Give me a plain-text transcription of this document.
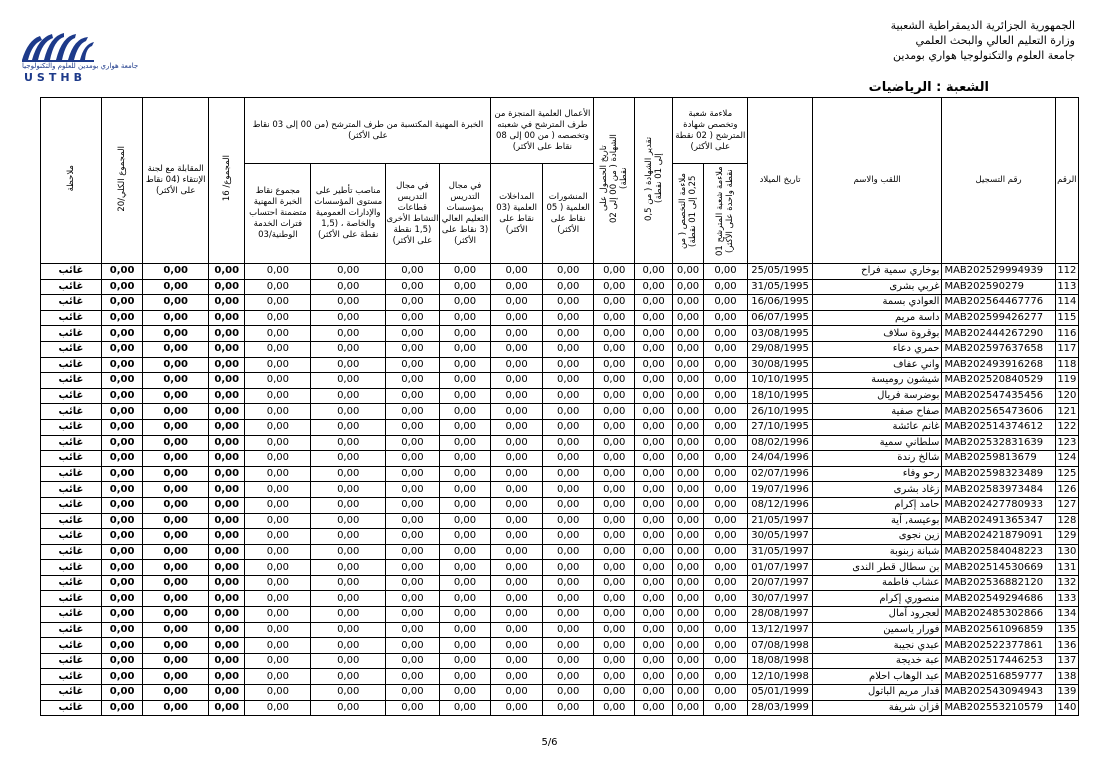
الجمهورية الجزائرية الديمقراطية الشعبية
وزارة التعليم العالي والبحث العلمي
جامعة العلوم والتكنولوجيا هواري بومدين
جامعة هواري بومدين للعلوم والتكنولوجيا
USTHB
الشعبة : الرياضيات
الرقم	رقم التسجيل	اللقب والاسم	تاريخ الميلاد	ملاءمة شعبة وتخصص شهادة المترشح ( 02 نقطة على الأكثر)		تقدير الشهادة ( من 0,5 إلى 01 نقطة)	تاريخ الحصول على الشهادة ( من 00 إلى 02 نقطة)	الأعمال العلمية المنجزة من طرف المترشح في شعبته وتخصصه ( من 00 إلى 08 نقاط على الأكثر)		الخبرة المهنية المكتسبة من طرف المترشح (من 00 إلى 03 نقاط على الأكثر)				المجموع/ 16	المقابلة مع لجنة الإنتقاء (04 نقاط على الأكثر)	المجموع الكلي/20	ملاحظة
				ملاءمة شعبة المترشح 01 نقطة واحدة على الأكثر)	ملاءمة التخصص ( من 0,25 إلى 01 نقطة)			المنشورات العلمية ( 05 نقاط على الأكثر)	المداخلات العلمية (03 نقاط على الأكثر)	في مجال التدريس بمؤسسات التعليم العالي (3 نقاط على الأكثر)	في مجال التدريس قطاعات النشاط الأخرى (1,5 نقطة على الأكثر)	مناصب تأطير على مستوى المؤسسات والإدارات العمومية والخاصة ، (1,5 نقطة على الأكثر)	مجموع نقاط الخبرة المهنية متضمنة احتساب فترات الخدمة الوطنية/03				
112	MAB202529994939	بوخاري سمية فراح	25/05/1995	0,00	0,00	0,00	0,00	0,00	0,00	0,00	0,00	0,00	0,00	0,00	0,00	0,00	غائب
113	MAB202590279	غربي بشرى	31/05/1995	0,00	0,00	0,00	0,00	0,00	0,00	0,00	0,00	0,00	0,00	0,00	0,00	0,00	غائب
114	MAB202564467776	العوادي بسمة	16/06/1995	0,00	0,00	0,00	0,00	0,00	0,00	0,00	0,00	0,00	0,00	0,00	0,00	0,00	غائب
115	MAB202599426277	داسة مريم	06/07/1995	0,00	0,00	0,00	0,00	0,00	0,00	0,00	0,00	0,00	0,00	0,00	0,00	0,00	غائب
116	MAB202444267290	بوقروة سلاف	03/08/1995	0,00	0,00	0,00	0,00	0,00	0,00	0,00	0,00	0,00	0,00	0,00	0,00	0,00	غائب
117	MAB202597637658	حمري دعاء	29/08/1995	0,00	0,00	0,00	0,00	0,00	0,00	0,00	0,00	0,00	0,00	0,00	0,00	0,00	غائب
118	MAB202493916268	واني عفاف	30/08/1995	0,00	0,00	0,00	0,00	0,00	0,00	0,00	0,00	0,00	0,00	0,00	0,00	0,00	غائب
119	MAB202520840529	شيشون روميسة	10/10/1995	0,00	0,00	0,00	0,00	0,00	0,00	0,00	0,00	0,00	0,00	0,00	0,00	0,00	غائب
120	MAB202547435456	بوضرسة فريال	18/10/1995	0,00	0,00	0,00	0,00	0,00	0,00	0,00	0,00	0,00	0,00	0,00	0,00	0,00	غائب
121	MAB202565473606	صفاح صفية	26/10/1995	0,00	0,00	0,00	0,00	0,00	0,00	0,00	0,00	0,00	0,00	0,00	0,00	0,00	غائب
122	MAB202514374612	غانم عائشة	27/10/1995	0,00	0,00	0,00	0,00	0,00	0,00	0,00	0,00	0,00	0,00	0,00	0,00	0,00	غائب
123	MAB202532831639	سلطاني سمية	08/02/1996	0,00	0,00	0,00	0,00	0,00	0,00	0,00	0,00	0,00	0,00	0,00	0,00	0,00	غائب
124	MAB20259813679	شالخ رندة	24/04/1996	0,00	0,00	0,00	0,00	0,00	0,00	0,00	0,00	0,00	0,00	0,00	0,00	0,00	غائب
125	MAB202598323489	رحو وفاء	02/07/1996	0,00	0,00	0,00	0,00	0,00	0,00	0,00	0,00	0,00	0,00	0,00	0,00	0,00	غائب
126	MAB202583973484	زغاد بشرى	19/07/1996	0,00	0,00	0,00	0,00	0,00	0,00	0,00	0,00	0,00	0,00	0,00	0,00	0,00	غائب
127	MAB202427780933	حامد إكرام	08/12/1996	0,00	0,00	0,00	0,00	0,00	0,00	0,00	0,00	0,00	0,00	0,00	0,00	0,00	غائب
128	MAB202491365347	بوعيسة, آية	21/05/1997	0,00	0,00	0,00	0,00	0,00	0,00	0,00	0,00	0,00	0,00	0,00	0,00	0,00	غائب
129	MAB202421879091	زين نجوى	30/05/1997	0,00	0,00	0,00	0,00	0,00	0,00	0,00	0,00	0,00	0,00	0,00	0,00	0,00	غائب
130	MAB202584048223	شبانة زبنوبة	31/05/1997	0,00	0,00	0,00	0,00	0,00	0,00	0,00	0,00	0,00	0,00	0,00	0,00	0,00	غائب
131	MAB202514530669	بن سطال قطر الندى	01/07/1997	0,00	0,00	0,00	0,00	0,00	0,00	0,00	0,00	0,00	0,00	0,00	0,00	0,00	غائب
132	MAB202536882120	عشاب فاطمة	20/07/1997	0,00	0,00	0,00	0,00	0,00	0,00	0,00	0,00	0,00	0,00	0,00	0,00	0,00	غائب
133	MAB202549294686	منصوري إكرام	30/07/1997	0,00	0,00	0,00	0,00	0,00	0,00	0,00	0,00	0,00	0,00	0,00	0,00	0,00	غائب
134	MAB202485302866	لعجرود آمال	28/08/1997	0,00	0,00	0,00	0,00	0,00	0,00	0,00	0,00	0,00	0,00	0,00	0,00	0,00	غائب
135	MAB202561096859	فورار ياسمين	13/12/1997	0,00	0,00	0,00	0,00	0,00	0,00	0,00	0,00	0,00	0,00	0,00	0,00	0,00	غائب
136	MAB202522377861	عبدي نجيبة	07/08/1998	0,00	0,00	0,00	0,00	0,00	0,00	0,00	0,00	0,00	0,00	0,00	0,00	0,00	غائب
137	MAB202517446253	عبة خديجة	18/08/1998	0,00	0,00	0,00	0,00	0,00	0,00	0,00	0,00	0,00	0,00	0,00	0,00	0,00	غائب
138	MAB202516859777	عبد الوهاب احلام	12/10/1998	0,00	0,00	0,00	0,00	0,00	0,00	0,00	0,00	0,00	0,00	0,00	0,00	0,00	غائب
139	MAB202543094943	قدار مريم الباتول	05/01/1999	0,00	0,00	0,00	0,00	0,00	0,00	0,00	0,00	0,00	0,00	0,00	0,00	0,00	غائب
140	MAB202553210579	قزان شريفة	28/03/1999	0,00	0,00	0,00	0,00	0,00	0,00	0,00	0,00	0,00	0,00	0,00	0,00	0,00	غائب
5/6
